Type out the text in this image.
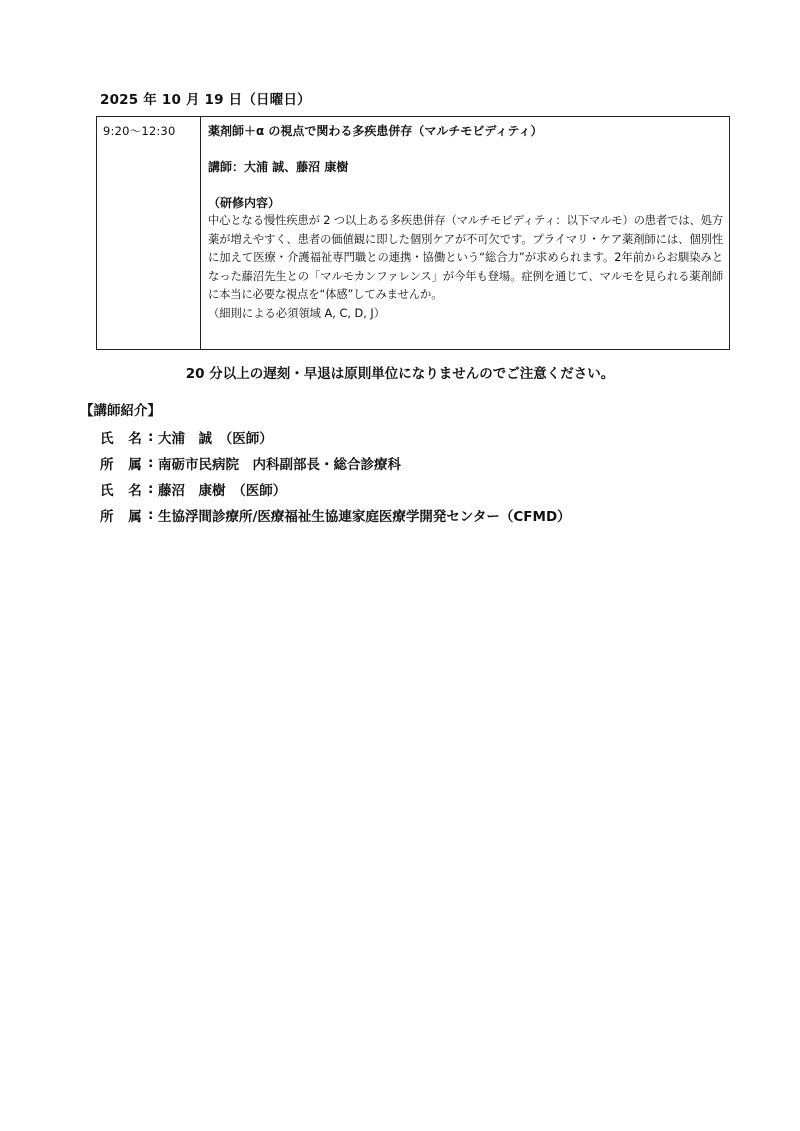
2025 年 10 月 19 日（日曜日）
9:20〜12:30	薬剤師＋α の視点で関わる多疾患併存（マルチモビディティ）
講師：大浦 誠、藤沼 康樹
（研修内容）
中心となる慢性疾患が 2 つ以上ある多疾患併存（マルチモビディティ：以下マルモ）の患者では、処方薬が増えやすく、患者の価値観に即した個別ケアが不可欠です。プライマリ・ケア薬剤師には、個別性に加えて医療・介護福祉専門職との連携・協働という“総合力”が求められます。2年前からお馴染みとなった藤沼先生との「マルモカンファレンス」が今年も登場。症例を通じて、マルモを見られる薬剤師に本当に必要な視点を“体感”してみませんか。
（細則による必須領域 A, C, D, J）
20 分以上の遅刻・早退は原則単位になりませんのでご注意ください。
【講師紹介】
氏 名 : 大浦　誠　（医師）
所 属 : 南砺市民病院　内科副部長・総合診療科
氏 名 : 藤沼　康樹　（医師）
所 属 : 生協浮間診療所/医療福祉生協連家庭医療学開発センター（CFMD）
